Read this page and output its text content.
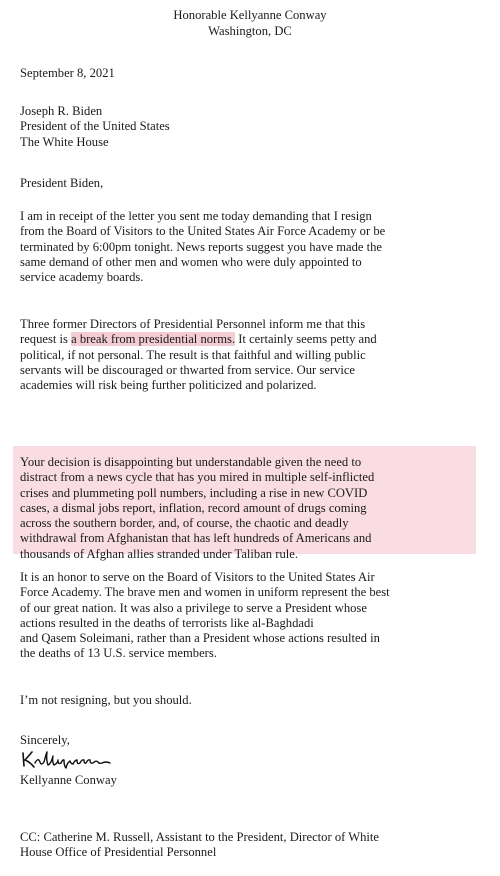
Honorable Kellyanne Conway
Washington, DC
September 8, 2021
Joseph R. Biden
President of the United States
The White House
President Biden,
I am in receipt of the letter you sent me today demanding that I resign
from the Board of Visitors to the United States Air Force Academy or be
terminated by 6:00pm tonight. News reports suggest you have made the
same demand of other men and women who were duly appointed to
service academy boards.
Three former Directors of Presidential Personnel inform me that this
request is a break from presidential norms. It certainly seems petty and
political, if not personal. The result is that faithful and willing public
servants will be discouraged or thwarted from service. Our service
academies will risk being further politicized and polarized.
Your decision is disappointing but understandable given the need to
distract from a news cycle that has you mired in multiple self-inflicted
crises and plummeting poll numbers, including a rise in new COVID
cases, a dismal jobs report, inflation, record amount of drugs coming
across the southern border, and, of course, the chaotic and deadly
withdrawal from Afghanistan that has left hundreds of Americans and
thousands of Afghan allies stranded under Taliban rule.
It is an honor to serve on the Board of Visitors to the United States Air
Force Academy. The brave men and women in uniform represent the best
of our great nation. It was also a privilege to serve a President whose
actions resulted in the deaths of terrorists like al-Baghdadi
and Qasem Soleimani, rather than a President whose actions resulted in
the deaths of 13 U.S. service members.
I’m not resigning, but you should.
Sincerely,
Kellyanne Conway
CC: Catherine M. Russell, Assistant to the President, Director of White
House Office of Presidential Personnel
